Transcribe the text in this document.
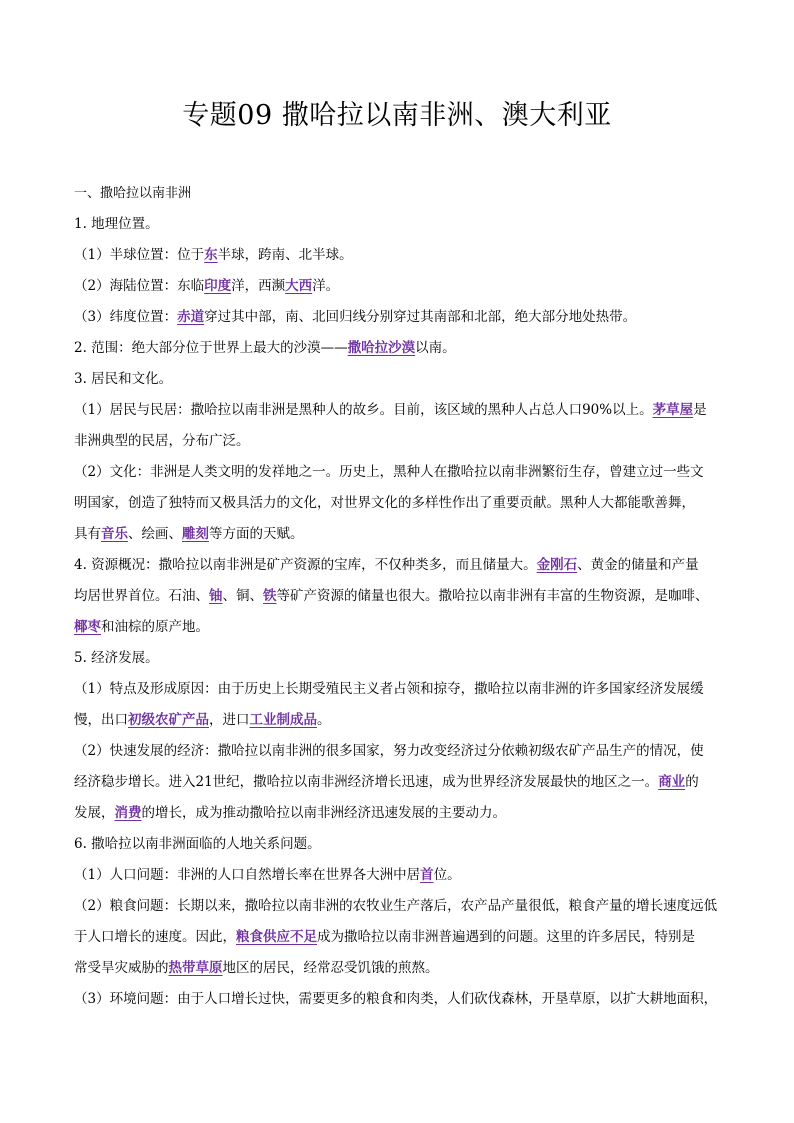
专题09 撒哈拉以南非洲、澳大利亚

一、撒哈拉以南非洲

1. 地理位置。

（1）半球位置：位于东半球，跨南、北半球。

（2）海陆位置：东临印度洋，西濒大西洋。

（3）纬度位置：赤道穿过其中部，南、北回归线分别穿过其南部和北部，绝大部分地处热带。

2. 范围：绝大部分位于世界上最大的沙漠——撒哈拉沙漠以南。

3. 居民和文化。

（1）居民与民居：撒哈拉以南非洲是黑种人的故乡。目前，该区域的黑种人占总人口90%以上。茅草屋是

非洲典型的民居，分布广泛。

（2）文化：非洲是人类文明的发祥地之一。历史上，黑种人在撒哈拉以南非洲繁衍生存，曾建立过一些文

明国家，创造了独特而又极具活力的文化，对世界文化的多样性作出了重要贡献。黑种人大都能歌善舞，

具有音乐、绘画、雕刻等方面的天赋。

4. 资源概况：撒哈拉以南非洲是矿产资源的宝库，不仅种类多，而且储量大。金刚石、黄金的储量和产量

均居世界首位。石油、铀、铜、铁等矿产资源的储量也很大。撒哈拉以南非洲有丰富的生物资源，是咖啡、

椰枣和油棕的原产地。

5. 经济发展。

（1）特点及形成原因：由于历史上长期受殖民主义者占领和掠夺，撒哈拉以南非洲的许多国家经济发展缓

慢，出口初级农矿产品，进口工业制成品。

（2）快速发展的经济：撒哈拉以南非洲的很多国家，努力改变经济过分依赖初级农矿产品生产的情况，使

经济稳步增长。进入21世纪，撒哈拉以南非洲经济增长迅速，成为世界经济发展最快的地区之一。商业的

发展，消费的增长，成为推动撒哈拉以南非洲经济迅速发展的主要动力。

6. 撒哈拉以南非洲面临的人地关系问题。

（1）人口问题：非洲的人口自然增长率在世界各大洲中居首位。

（2）粮食问题：长期以来，撒哈拉以南非洲的农牧业生产落后，农产品产量很低，粮食产量的增长速度远低

于人口增长的速度。因此，粮食供应不足成为撒哈拉以南非洲普遍遇到的问题。这里的许多居民，特别是

常受旱灾威胁的热带草原地区的居民，经常忍受饥饿的煎熬。

（3）环境问题：由于人口增长过快，需要更多的粮食和肉类，人们砍伐森林，开垦草原，以扩大耕地面积，
